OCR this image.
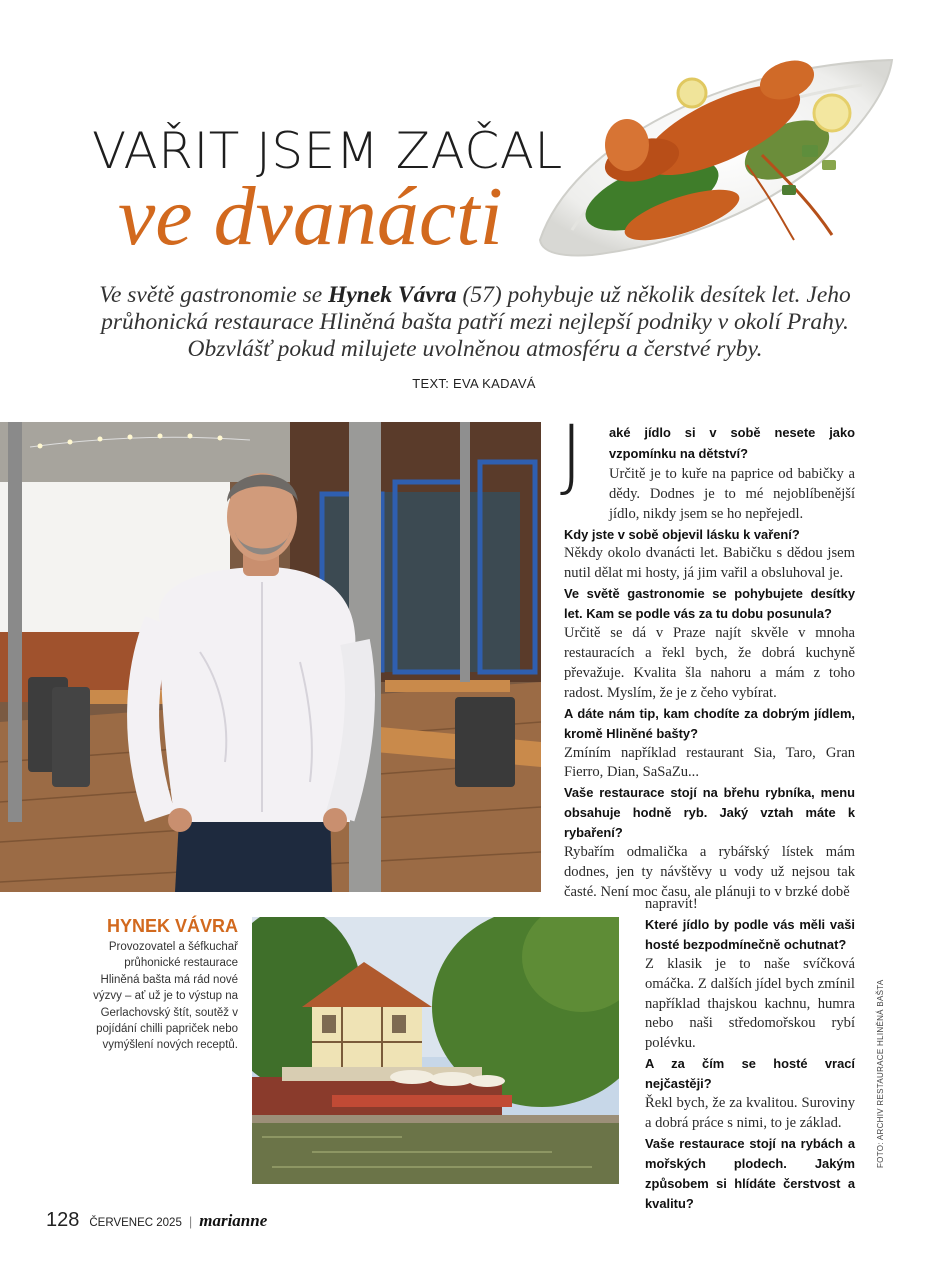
VAŘIT JSEM ZAČAL
ve dvanácti
Ve světě gastronomie se Hynek Vávra (57) pohybuje už několik desítek let. Jeho průhonická restaurace Hliněná bašta patří mezi nejlepší podniky v okolí Prahy. Obzvlášť pokud milujete uvolněnou atmosféru a čerstvé ryby.
TEXT: EVA KADAVÁ
HYNEK VÁVRA
Provozovatel a šéfkuchař průhonické restaurace Hliněná bašta má rád nové výzvy – ať už je to výstup na Gerlachovský štít, soutěž v pojídání chilli papriček nebo vymýšlení nových receptů.
J	aké jídlo si v sobě nesete jako vzpomínku na dětství?

Určitě je to kuře na paprice od babičky a dědy. Dodnes je to mé nejoblíbenější jídlo, nikdy jsem se ho nepřejedl.

Kdy jste v sobě objevil lásku k vaření?

Někdy okolo dvanácti let. Babičku s dědou jsem nutil dělat mi hosty, já jim vařil a obsluhoval je.

Ve světě gastronomie se pohybujete desítky let. Kam se podle vás za tu dobu posunula?

Určitě se dá v Praze najít skvěle v mnoha restauracích a řekl bych, že dobrá kuchyně převažuje. Kvalita šla nahoru a mám z toho radost. Myslím, že je z čeho vybírat.

A dáte nám tip, kam chodíte za dobrým jídlem, kromě Hliněné bašty?

Zmíním například restaurant Sia, Taro, Gran Fierro, Dian, SaSaZu...

Vaše restaurace stojí na břehu rybníka, menu obsahuje hodně ryb. Jaký vztah máte k rybaření?

Rybařím odmalička a rybářský lístek mám dodnes, jen ty návštěvy u vody už nejsou tak časté. Není moc času, ale plánuji to v brzké době

napravit!

Které jídlo by podle vás měli vaši hosté bezpodmínečně ochutnat?

Z klasik je to naše svíčková omáčka. Z dalších jídel bych zmínil například thajskou kachnu, humra nebo naši středomořskou rybí polévku.

A za čím se hosté vrací nejčastěji?

Řekl bych, že za kvalitou. Suroviny a dobrá práce s nimi, to je základ.

Vaše restaurace stojí na rybách a mořských plodech. Jakým způsobem si hlídáte čerstvost a kvalitu?

FOTO: ARCHIV RESTAURACE HLINĚNÁ BAŠTA
128 ČERVENEC 2025 | marianne
